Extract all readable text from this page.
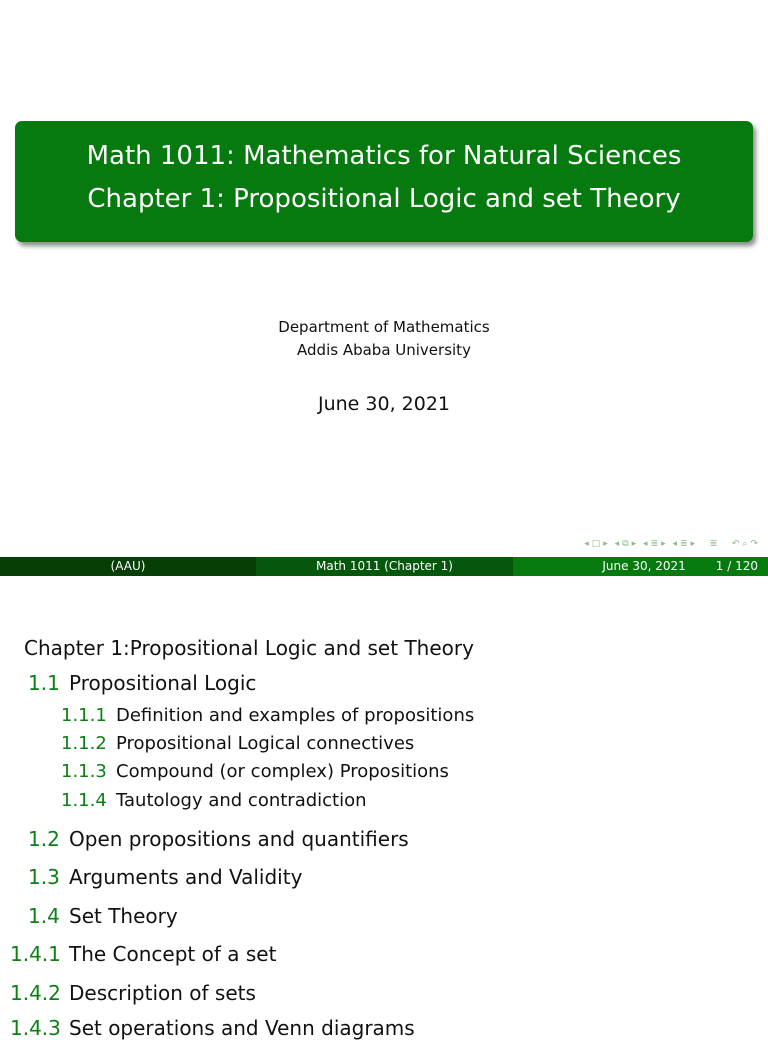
Math 1011: Mathematics for Natural Sciences
Chapter 1: Propositional Logic and set Theory
Department of Mathematics
Addis Ababa University
June 30, 2021
◂ □ ▸ ◂ ⧉ ▸ ◂ ≣ ▸ ◂ ≣ ▸ ≣ ↶ ⌕ ↷
(AAU)	Math 1011 (Chapter 1)	June 30, 2021	1 / 120
Chapter 1:Propositional Logic and set Theory
1.1 Propositional Logic
1.1.1 Definition and examples of propositions
1.1.2 Propositional Logical connectives
1.1.3 Compound (or complex) Propositions
1.1.4 Tautology and contradiction
1.2 Open propositions and quantifiers
1.3 Arguments and Validity
1.4 Set Theory
1.4.1 The Concept of a set
1.4.2 Description of sets
1.4.3 Set operations and Venn diagrams
